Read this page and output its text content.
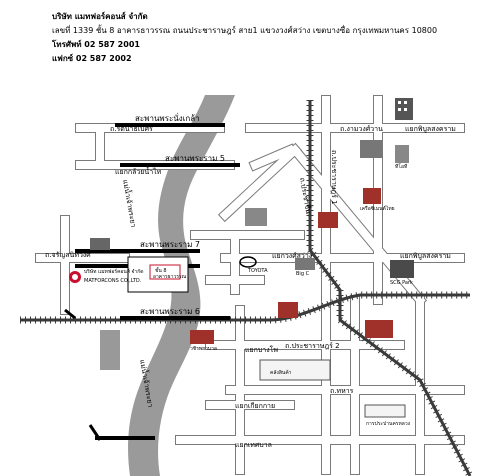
ถ.รัตนาธิเบศร์	ถ.งามวงศ์วาน	แยกพิบูลสงคราม
แยกกล้วยน้ำไท
ถ.จรัญสนิทวงศ์	แยกวงศ์สว่าง	แยกพิบูลสงคราม
แยกบางโพ ถ.ประชาราษฎร์ 2
ถ.ทหาร
แยกเกียกกาย
แยกเทศบาล
ถ.ประชาราษฎร์ 1
ถ.ประชาชื่น
สะพานพระนั่งเกล้า
สะพานพระราม 5
สะพานพระราม 7
สะพานพระราม 6
แม่น้ำเจ้าพระยา
แม่น้ำเจ้าพระยา
บริษัท แมทฟอร์คอนส์ จำกัด
MATFORCONS CO.,LTD.
ชั้น 8
อาคารธาวรรณ
TOYOTA	Big C
SCG Park
เครือซิเมนต์ไทย
ทีโอที
วชิรพยาบาล
คลังสินค้า
การประปานครหลวง
บริษัท แมทฟอร์คอนส์ จำกัด
เลขที่ 1339 ชั้น 8 อาคารธาวรรณ ถนนประชาราษฎร์ สาย1 แขวงวงศ์สว่าง เขตบางซื่อ กรุงเทพมหานคร 10800
โทรศัพท์ 02 587 2001
แฟกซ์ 02 587 2002
